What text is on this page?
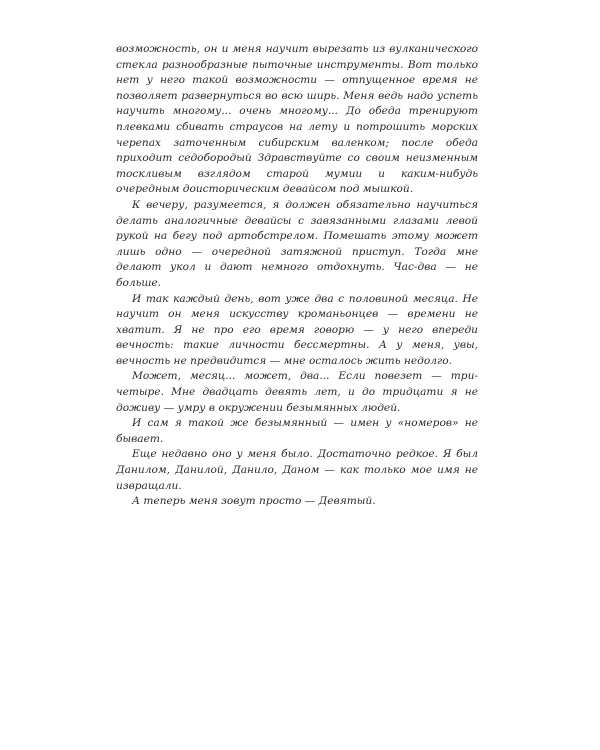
возможность, он и меня научит вырезать из вулканического стекла разнообразные пыточные инструменты. Вот только нет у него такой возможности — отпущенное время не позволяет развернуться во всю ширь. Меня ведь надо успеть научить многому... очень многому... До обеда тренируют плевками сбивать страусов на лету и потрошить морских черепах заточенным сибирским валенком; после обеда приходит седобородый Здравствуйте со своим неизменным тоскливым взглядом старой мумии и каким-нибудь очередным доисторическим девайсом под мышкой.

К вечеру, разумеется, я должен обязательно научиться делать аналогичные девайсы с завязанными глазами левой рукой на бегу под артобстрелом. Помешать этому может лишь одно — очередной затяжной приступ. Тогда мне делают укол и дают немного отдохнуть. Час-два — не больше.

И так каждый день, вот уже два с половиной месяца. Не научит он меня искусству кроманьонцев — времени не хватит. Я не про его время говорю — у него впереди вечность: такие личности бессмертны. А у меня, увы, вечность не предвидится — мне осталось жить недолго.

Может, месяц... может, два... Если повезет — три-четыре. Мне двадцать девять лет, и до тридцати я не доживу — умру в окружении безымянных людей.

И сам я такой же безымянный — имен у «номеров» не бывает.

Еще недавно оно у меня было. Достаточно редкое. Я был Данилом, Данилой, Данило, Даном — как только мое имя не извращали.

А теперь меня зовут просто — Девятый.
